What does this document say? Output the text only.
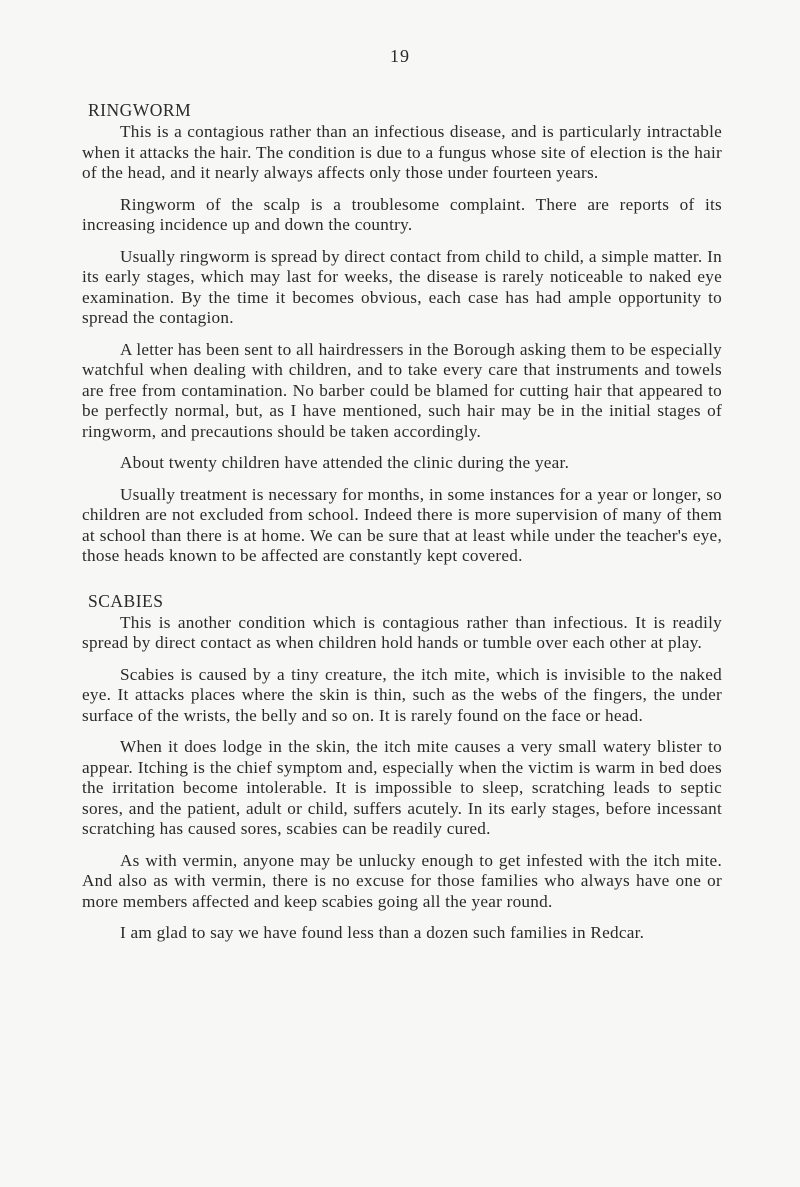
19
RINGWORM

This is a contagious rather than an infectious disease, and is particularly intractable when it attacks the hair. The condition is due to a fungus whose site of election is the hair of the head, and it nearly always affects only those under fourteen years.

Ringworm of the scalp is a troublesome complaint. There are reports of its increasing incidence up and down the country.

Usually ringworm is spread by direct contact from child to child, a simple matter. In its early stages, which may last for weeks, the disease is rarely noticeable to naked eye examination. By the time it becomes obvious, each case has had ample opportunity to spread the contagion.

A letter has been sent to all hairdressers in the Borough asking them to be especially watchful when dealing with children, and to take every care that instruments and towels are free from contamination. No barber could be blamed for cutting hair that appeared to be perfectly normal, but, as I have mentioned, such hair may be in the initial stages of ringworm, and precautions should be taken accordingly.

About twenty children have attended the clinic during the year.

Usually treatment is necessary for months, in some instances for a year or longer, so children are not excluded from school. Indeed there is more supervision of many of them at school than there is at home. We can be sure that at least while under the teacher's eye, those heads known to be affected are constantly kept covered.

SCABIES

This is another condition which is contagious rather than infectious. It is readily spread by direct contact as when children hold hands or tumble over each other at play.

Scabies is caused by a tiny creature, the itch mite, which is invisible to the naked eye. It attacks places where the skin is thin, such as the webs of the fingers, the under surface of the wrists, the belly and so on. It is rarely found on the face or head.

When it does lodge in the skin, the itch mite causes a very small watery blister to appear. Itching is the chief symptom and, especially when the victim is warm in bed does the irritation become intolerable. It is impossible to sleep, scratching leads to septic sores, and the patient, adult or child, suffers acutely. In its early stages, before incessant scratching has caused sores, scabies can be readily cured.

As with vermin, anyone may be unlucky enough to get infested with the itch mite. And also as with vermin, there is no excuse for those families who always have one or more members affected and keep scabies going all the year round.

I am glad to say we have found less than a dozen such families in Redcar.
